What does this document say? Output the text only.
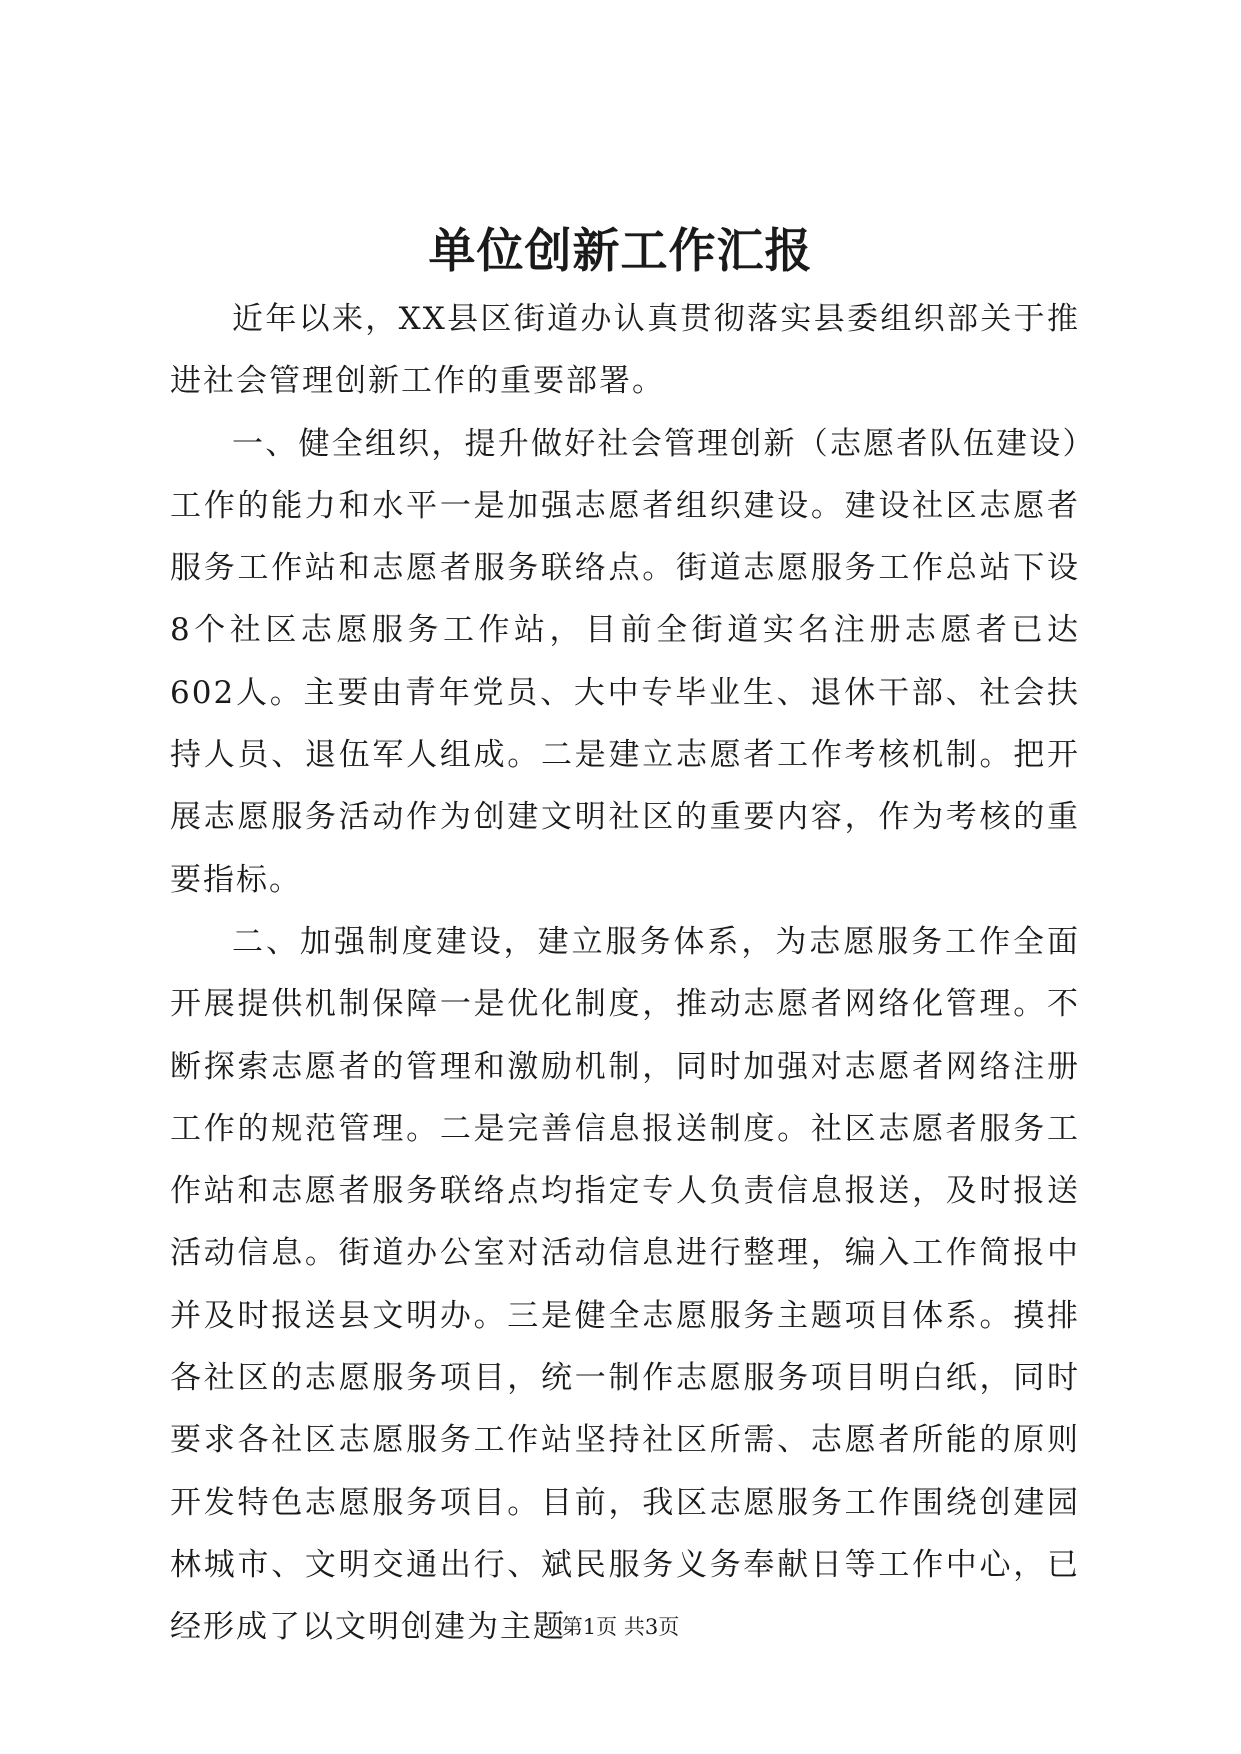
单位创新工作汇报

近年以来，XX县区街道办认真贯彻落实县委组织部关于推进社会管理创新工作的重要部署。

一、健全组织，提升做好社会管理创新（志愿者队伍建设）工作的能力和水平一是加强志愿者组织建设。建设社区志愿者服务工作站和志愿者服务联络点。街道志愿服务工作总站下设8个社区志愿服务工作站，目前全街道实名注册志愿者已达602人。主要由青年党员、大中专毕业生、退休干部、社会扶持人员、退伍军人组成。二是建立志愿者工作考核机制。把开展志愿服务活动作为创建文明社区的重要内容，作为考核的重要指标。

二、加强制度建设，建立服务体系，为志愿服务工作全面开展提供机制保障一是优化制度，推动志愿者网络化管理。不断探索志愿者的管理和激励机制，同时加强对志愿者网络注册工作的规范管理。二是完善信息报送制度。社区志愿者服务工作站和志愿者服务联络点均指定专人负责信息报送，及时报送活动信息。街道办公室对活动信息进行整理，编入工作简报中并及时报送县文明办。三是健全志愿服务主题项目体系。摸排各社区的志愿服务项目，统一制作志愿服务项目明白纸，同时要求各社区志愿服务工作站坚持社区所需、志愿者所能的原则开发特色志愿服务项目。目前，我区志愿服务工作围绕创建园林城市、文明交通出行、斌民服务义务奉献日等工作中心，已经形成了以文明创建为主题

第1页 共3页
